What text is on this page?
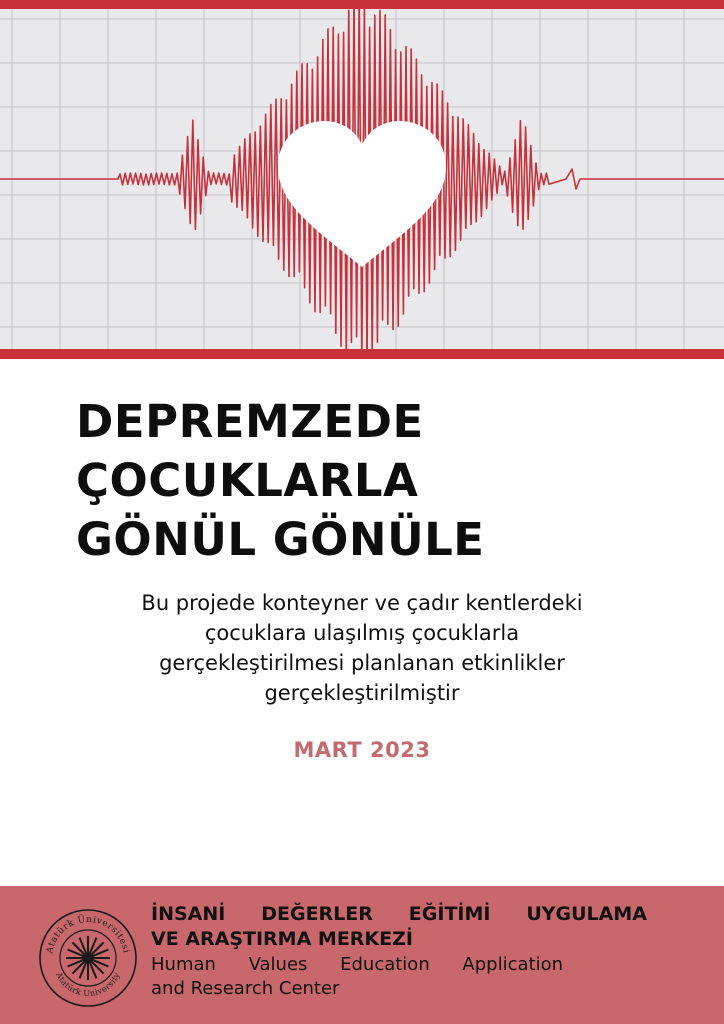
DEPREMZEDE
ÇOCUKLARLA
GÖNÜL GÖNÜLE

Bu projede konteyner ve çadır kentlerdeki
çocuklara ulaşılmış çocuklarla
gerçekleştirilmesi planlanan etkinlikler
gerçekleştirilmiştir

MART 2023
Atatürk Üniversitesi
Atatürk University

İNSANİ DEĞERLER EĞİTİMİ UYGULAMA
VE ARAŞTIRMA MERKEZİ

Human Values Education Application
and Research Center
